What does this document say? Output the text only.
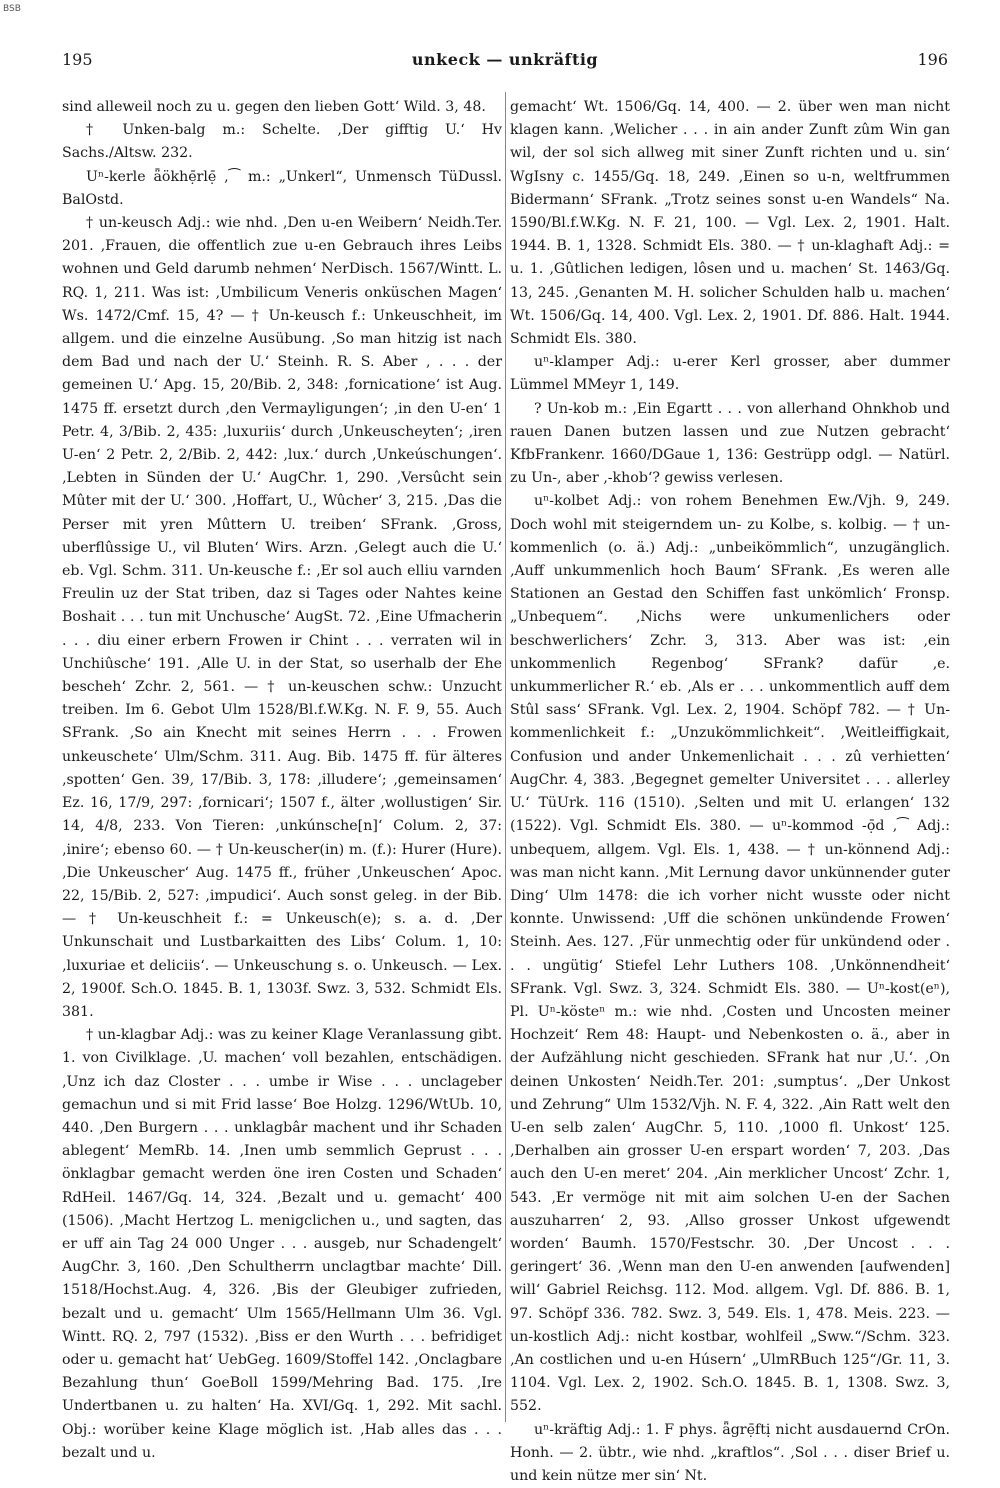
BSB
195	unkeck — unkräftig	196

sind alleweil noch zu u. gegen den lieben Gott‘ Wild. 3, 48.

† Unken-balg m.: Schelte. ‚Der gifftig U.‘ Hv Sachs./Altsw. 232.

Uⁿ-kerle ǟökhẹ̄rlẹ̄ ,⁀ m.: „Unkerl“, Unmensch TüDussl. BalOstd.

† un-keusch Adj.: wie nhd. ‚Den u-en Weibern‘ Neidh.Ter. 201. ‚Frauen, die offentlich zue u-en Gebrauch ihres Leibs wohnen und Geld darumb nehmen‘ NerDisch. 1567/Wintt. L. RQ. 1, 211. Was ist: ‚Umbilicum Veneris onküschen Magen‘ Ws. 1472/Cmf. 15, 4? — † Un-keusch f.: Unkeuschheit, im allgem. und die einzelne Ausübung. ‚So man hitzig ist nach dem Bad und nach der U.‘ Steinh. R. S. Aber ‚ . . . der gemeinen U.‘ Apg. 15, 20/Bib. 2, 348: ‚fornicatione‘ ist Aug. 1475 ff. ersetzt durch ‚den Vermayligungen‘; ‚in den U-en‘ 1 Petr. 4, 3/Bib. 2, 435: ‚luxuriis‘ durch ‚Unkeuscheyten‘; ‚iren U-en‘ 2 Petr. 2, 2/Bib. 2, 442: ‚lux.‘ durch ‚Unkeúschungen‘. ‚Lebten in Sünden der U.‘ AugChr. 1, 290. ‚Versûcht sein Mûter mit der U.‘ 300. ‚Hoffart, U., Wûcher‘ 3, 215. ‚Das die Perser mit yren Mûttern U. treiben‘ SFrank. ‚Gross, uberflûssige U., vil Bluten‘ Wirs. Arzn. ‚Gelegt auch die U.‘ eb. Vgl. Schm. 311. Un-keusche f.: ‚Er sol auch elliu varnden Freulin uz der Stat triben, daz si Tages oder Nahtes keine Boshait . . . tun mit Unchusche‘ AugSt. 72. ‚Eine Ufmacherin . . . diu einer erbern Frowen ir Chint . . . verraten wil in Unchiûsche‘ 191. ‚Alle U. in der Stat, so userhalb der Ehe bescheh‘ Zchr. 2, 561. — † un-keuschen schw.: Unzucht treiben. Im 6. Gebot Ulm 1528/Bl.f.W.Kg. N. F. 9, 55. Auch SFrank. ‚So ain Knecht mit seines Herrn . . . Frowen unkeuschete‘ Ulm/Schm. 311. Aug. Bib. 1475 ff. für älteres ‚spotten‘ Gen. 39, 17/Bib. 3, 178: ‚illudere‘; ‚gemeinsamen‘ Ez. 16, 17/9, 297: ‚fornicari‘; 1507 f., älter ‚wollustigen‘ Sir. 14, 4/8, 233. Von Tieren: ‚unkúnsche[n]‘ Colum. 2, 37: ‚inire‘; ebenso 60. — † Un-keuscher(in) m. (f.): Hurer (Hure). ‚Die Unkeuscher‘ Aug. 1475 ff., früher ‚Unkeuschen‘ Apoc. 22, 15/Bib. 2, 527: ‚impudici‘. Auch sonst geleg. in der Bib. — † Un-keuschheit f.: = Unkeusch(e); s. a. d. ‚Der Unkunschait und Lustbarkaitten des Libs‘ Colum. 1, 10: ‚luxuriae et deliciis‘. — Unkeuschung s. o. Unkeusch. — Lex. 2, 1900f. Sch.O. 1845. B. 1, 1303f. Swz. 3, 532. Schmidt Els. 381.

† un-klagbar Adj.: was zu keiner Klage Veranlassung gibt. 1. von Civilklage. ‚U. machen‘ voll bezahlen, entschädigen. ‚Unz ich daz Closter . . . umbe ir Wise . . . unclageber gemachun und si mit Frid lasse‘ Boe Holzg. 1296/WtUb. 10, 440. ‚Den Burgern . . . unklagbâr machent und ihr Schaden ablegent‘ MemRb. 14. ‚Inen umb semmlich Geprust . . . önklagbar gemacht werden öne iren Costen und Schaden‘ RdHeil. 1467/Gq. 14, 324. ‚Bezalt und u. gemacht‘ 400 (1506). ‚Macht Hertzog L. menigclichen u., und sagten, das er uff ain Tag 24 000 Unger . . . ausgeb, nur Schadengelt‘ AugChr. 3, 160. ‚Den Schultherrn unclagtbar machte‘ Dill. 1518/Hochst.Aug. 4, 326. ‚Bis der Gleubiger zufrieden, bezalt und u. gemacht‘ Ulm 1565/Hellmann Ulm 36. Vgl. Wintt. RQ. 2, 797 (1532). ‚Biss er den Wurth . . . befridiget oder u. gemacht hat‘ UebGeg. 1609/Stoffel 142. ‚Onclagbare Bezahlung thun‘ GoeBoll 1599/Mehring Bad. 175. ‚Ire Undertbanen u. zu halten‘ Ha. XVI/Gq. 1, 292. Mit sachl. Obj.: worüber keine Klage möglich ist. ‚Hab alles das . . . bezalt und u.

gemacht‘ Wt. 1506/Gq. 14, 400. — 2. über wen man nicht klagen kann. ‚Welicher . . . in ain ander Zunft zûm Win gan wil, der sol sich allweg mit siner Zunft richten und u. sin‘ WgIsny c. 1455/Gq. 18, 249. ‚Einen so u-n, weltfrummen Bidermann‘ SFrank. „Trotz seines sonst u-en Wandels“ Na. 1590/Bl.f.W.Kg. N. F. 21, 100. — Vgl. Lex. 2, 1901. Halt. 1944. B. 1, 1328. Schmidt Els. 380. — † un-klaghaft Adj.: = u. 1. ‚Gûtlichen ledigen, lôsen und u. machen‘ St. 1463/Gq. 13, 245. ‚Genanten M. H. solicher Schulden halb u. machen‘ Wt. 1506/Gq. 14, 400. Vgl. Lex. 2, 1901. Df. 886. Halt. 1944. Schmidt Els. 380.

uⁿ-klamper Adj.: u-erer Kerl grosser, aber dummer Lümmel MMeyr 1, 149.

? Un-kob m.: ‚Ein Egartt . . . von allerhand Ohnkhob und rauen Danen butzen lassen und zue Nutzen gebracht‘ KfbFrankenr. 1660/DGaue 1, 136: Gestrüpp odgl. — Natürl. zu Un-, aber ‚-khob‘? gewiss verlesen.

uⁿ-kolbet Adj.: von rohem Benehmen Ew./Vjh. 9, 249. Doch wohl mit steigerndem un- zu Kolbe, s. kolbig. — † un-kommenlich (o. ä.) Adj.: „unbeikömmlich“, unzugänglich. ‚Auff unkummenlich hoch Baum‘ SFrank. ‚Es weren alle Stationen an Gestad den Schiffen fast unkömlich‘ Fronsp. „Unbequem“. ‚Nichs were unkumenlichers oder beschwerlichers‘ Zchr. 3, 313. Aber was ist: ‚ein unkommenlich Regenbog‘ SFrank? dafür ‚e. unkummerlicher R.‘ eb. ‚Als er . . . unkommentlich auff dem Stûl sass‘ SFrank. Vgl. Lex. 2, 1904. Schöpf 782. — † Un-kommenlichkeit f.: „Unzukömmlichkeit“. ‚Weitleiffigkait, Confusion und ander Unkemenlichait . . . zû verhietten‘ AugChr. 4, 383. ‚Begegnet gemelter Universitet . . . allerley U.‘ TüUrk. 116 (1510). ‚Selten und mit U. erlangen‘ 132 (1522). Vgl. Schmidt Els. 380. — uⁿ-kommod -ọ̄d ,⁀ Adj.: unbequem, allgem. Vgl. Els. 1, 438. — † un-könnend Adj.: was man nicht kann. ‚Mit Lernung davor unkünnender guter Ding‘ Ulm 1478: die ich vorher nicht wusste oder nicht konnte. Unwissend: ‚Uff die schönen unkündende Frowen‘ Steinh. Aes. 127. ‚Für unmechtig oder für unkündend oder . . . ungütig‘ Stiefel Lehr Luthers 108. ‚Unkönnendheit‘ SFrank. Vgl. Swz. 3, 324. Schmidt Els. 380. — Uⁿ-kost(eⁿ), Pl. Uⁿ-kösteⁿ m.: wie nhd. ‚Costen und Uncosten meiner Hochzeit‘ Rem 48: Haupt- und Nebenkosten o. ä., aber in der Aufzählung nicht geschieden. SFrank hat nur ‚U.‘. ‚On deinen Unkosten‘ Neidh.Ter. 201: ‚sumptus‘. „Der Unkost und Zehrung“ Ulm 1532/Vjh. N. F. 4, 322. ‚Ain Ratt welt den U-en selb zalen‘ AugChr. 5, 110. ‚1000 fl. Unkost‘ 125. ‚Derhalben ain grosser U-en erspart worden‘ 7, 203. ‚Das auch den U-en meret‘ 204. ‚Ain merklicher Uncost‘ Zchr. 1, 543. ‚Er vermöge nit mit aim solchen U-en der Sachen auszuharren‘ 2, 93. ‚Allso grosser Unkost ufgewendt worden‘ Baumh. 1570/Festschr. 30. ‚Der Uncost . . . geringert‘ 36. ‚Wenn man den U-en anwenden [aufwenden] will‘ Gabriel Reichsg. 112. Mod. allgem. Vgl. Df. 886. B. 1, 97. Schöpf 336. 782. Swz. 3, 549. Els. 1, 478. Meis. 223. — un-kostlich Adj.: nicht kostbar, wohlfeil „Sww.“/Schm. 323. ‚An costlichen und u-en Húsern‘ „UlmRBuch 125“/Gr. 11, 3. 1104. Vgl. Lex. 2, 1902. Sch.O. 1845. B. 1, 1308. Swz. 3, 552.

uⁿ-kräftig Adj.: 1. F phys. ǟgrẹ̄ftị nicht ausdauernd CrOn. Honh. — 2. übtr., wie nhd. „kraftlos“. ‚Sol . . . diser Brief u. und kein nütze mer sin‘ Nt.
